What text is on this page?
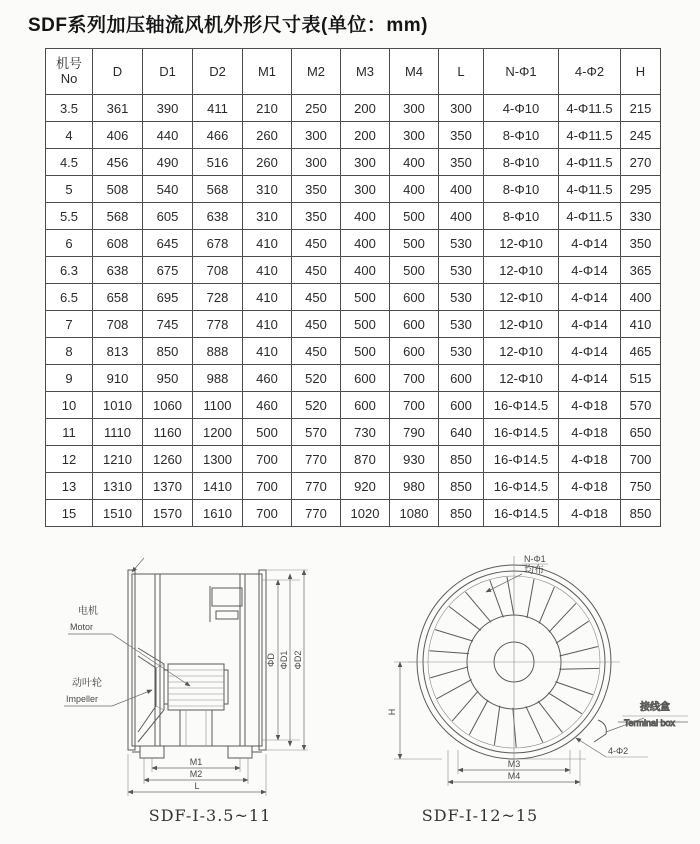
SDF系列加压轴流风机外形尺寸表(单位：mm)
机号
No	D	D1	D2	M1	M2	M3	M4	L	N-Φ1	4-Φ2	H
3.5	361	390	411	210	250	200	300	300	4-Φ10	4-Φ11.5	215
4	406	440	466	260	300	200	300	350	8-Φ10	4-Φ11.5	245
4.5	456	490	516	260	300	300	400	350	8-Φ10	4-Φ11.5	270
5	508	540	568	310	350	300	400	400	8-Φ10	4-Φ11.5	295
5.5	568	605	638	310	350	400	500	400	8-Φ10	4-Φ11.5	330
6	608	645	678	410	450	400	500	530	12-Φ10	4-Φ14	350
6.3	638	675	708	410	450	400	500	530	12-Φ10	4-Φ14	365
6.5	658	695	728	410	450	500	600	530	12-Φ10	4-Φ14	400
7	708	745	778	410	450	500	600	530	12-Φ10	4-Φ14	410
8	813	850	888	410	450	500	600	530	12-Φ10	4-Φ14	465
9	910	950	988	460	520	600	700	600	12-Φ10	4-Φ14	515
10	1010	1060	1100	460	520	600	700	600	16-Φ14.5	4-Φ18	570
11	1110	1160	1200	500	570	730	790	640	16-Φ14.5	4-Φ18	650
12	1210	1260	1300	700	770	870	930	850	16-Φ14.5	4-Φ18	700
13	1310	1370	1410	700	770	920	980	850	16-Φ14.5	4-Φ18	750
15	1510	1570	1610	700	770	1020	1080	850	16-Φ14.5	4-Φ18	850
电机
Motor
动叶轮
Impeller
ΦD ΦD1 ΦD2
M1
M2
L
接线盒
Terminal box
N-Φ1
均布
4-Φ2
H
M3
M4
SDF-I-3.5~11	SDF-I-12~15
